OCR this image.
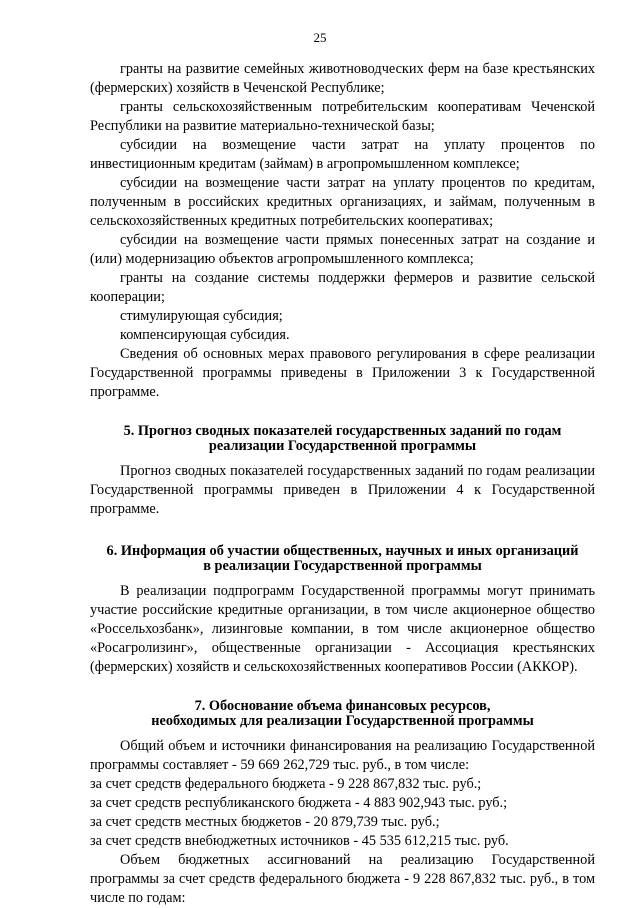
25

гранты на развитие семейных животноводческих ферм на базе крестьянских (фермерских) хозяйств в Чеченской Республике;

гранты сельскохозяйственным потребительским кооперативам Чеченской Республики на развитие материально-технической базы;

субсидии на возмещение части затрат на уплату процентов по инвестиционным кредитам (займам) в агропромышленном комплексе;

субсидии на возмещение части затрат на уплату процентов по кредитам, полученным в российских кредитных организациях, и займам, полученным в сельскохозяйственных кредитных потребительских кооперативах;

субсидии на возмещение части прямых понесенных затрат на создание и (или) модернизацию объектов агропромышленного комплекса;

гранты на создание системы поддержки фермеров и развитие сельской кооперации;

стимулирующая субсидия;

компенсирующая субсидия.

Сведения об основных мерах правового регулирования в сфере реализации Государственной программы приведены в Приложении 3 к Государственной программе.

5. Прогноз сводных показателей государственных заданий по годам
реализации Государственной программы

Прогноз сводных показателей государственных заданий по годам реализации Государственной программы приведен в Приложении 4 к Государственной программе.

6. Информация об участии общественных, научных и иных организаций
в реализации Государственной программы

В реализации подпрограмм Государственной программы могут принимать участие российские кредитные организации, в том числе акционерное общество «Россельхозбанк», лизинговые компании, в том числе акционерное общество «Росагролизинг», общественные организации - Ассоциация крестьянских (фермерских) хозяйств и сельскохозяйственных кооперативов России (АККОР).

7. Обоснование объема финансовых ресурсов,
необходимых для реализации Государственной программы

Общий объем и источники финансирования на реализацию Государственной программы составляет - 59 669 262,729 тыс. руб., в том числе:

за счет средств федерального бюджета - 9 228 867,832 тыс. руб.;

за счет средств республиканского бюджета - 4 883 902,943 тыс. руб.;

за счет средств местных бюджетов - 20 879,739 тыс. руб.;

за счет средств внебюджетных источников - 45 535 612,215 тыс. руб.

Объем бюджетных ассигнований на реализацию Государственной программы за счет средств федерального бюджета - 9 228 867,832 тыс. руб., в том числе по годам:
